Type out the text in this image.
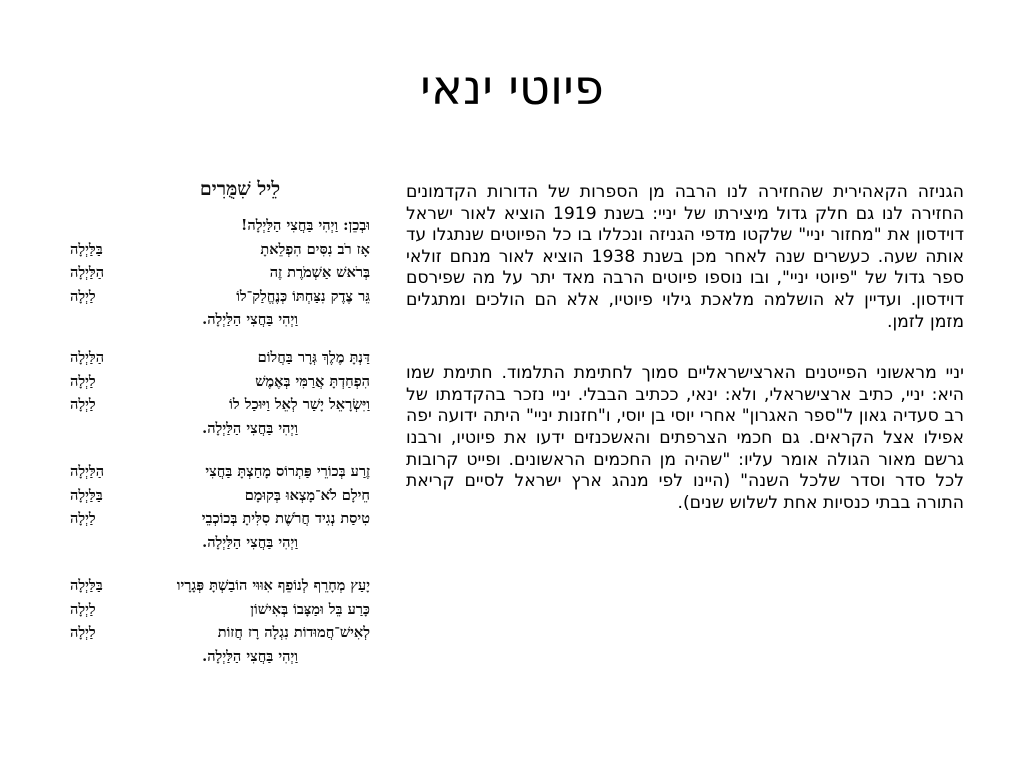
פיוטי ינאי
לֵיל שִׁמֻּרִים
וּבְכֵן: וַיְהִי בַּחֲצִי הַלַּיְלָה!
אָז רֹב נִסִּים הִפְלֵאתָ
בַּלַּיְלָה
בְּרֹאשׁ אַשְׁמֹרֶת זֶה
הַלַּיְלָה
גֵּר צֶדֶק נִצַּחְתּוֹ כְּנֶחֱלַק־לוֹ
לַיְלָה
וַיְהִי בַּחֲצִי הַלַּיְלָה.
דַּנְתָּ מֶלֶךְ גְּרָר בַּחֲלוֹם
הַלַּיְלָה
הִפְחַדְתָּ אֲרַמִּי בְּאֶמֶשׁ
לַיְלָה
וַיִּשְׂרָאֵל יָשַׁר לְאֵל וַיּוּכַל לוֹ
לַיְלָה
וַיְהִי בַּחֲצִי הַלַּיְלָה.
זֶרַע בְּכוֹרֵי פַּתְרוֹס מָחַצְתָּ בַּחֲצִי
הַלַּיְלָה
חֵילָם לֹא־מָצְאוּ בְּקוּמָם
בַּלַּיְלָה
טִיסַת נְגִיד חֲרֹשֶׁת סִלִּיתָ בְּכוֹכְבֵי
לַיְלָה
וַיְהִי בַּחֲצִי הַלַּיְלָה.
יָעַץ מְחָרֵף לְנוֹפֵף אִוּוּי הוֹבַשְׁתָּ פְּגָרָיו
בַּלַּיְלָה
כָּרַע בֵּל וּמַצָּבוֹ בְּאִישׁוֹן
לַיְלָה
לְאִישׁ־חֲמוּדוֹת נִגְלָה רָז חֲזוֹת
לַיְלָה
וַיְהִי בַּחֲצִי הַלַּיְלָה.

הגניזה הקאהירית שהחזירה לנו הרבה מן הספרות של הדורות הקדמונים החזירה לנו גם חלק גדול מיצירתו של יניי: בשנת 1919 הוציא לאור ישראל דוידסון את "מחזור יניי" שלקטו מדפי הגניזה ונכללו בו כל הפיוטים שנתגלו עד אותה שעה. כעשרים שנה לאחר מכן בשנת 1938 הוציא לאור מנחם זולאי ספר גדול של "פיוטי יניי", ובו נוספו פיוטים הרבה מאד יתר על מה שפירסם דוידסון. ועדיין לא הושלמה מלאכת גילוי פיוטיו, אלא הם הולכים ומתגלים מזמן לזמן.

יניי מראשוני הפייטנים הארצישראליים סמוך לחתימת התלמוד. חתימת שמו היא: יניי, כתיב ארצישראלי, ולא: ינאי, ככתיב הבבלי. יניי נזכר בהקדמתו של רב סעדיה גאון ל"ספר האגרון" אחרי יוסי בן יוסי, ו"חזנות יניי" היתה ידועה יפה אפילו אצל הקראים. גם חכמי הצרפתים והאשכנזים ידעו את פיוטיו, ורבנו גרשם מאור הגולה אומר עליו: "שהיה מן החכמים הראשונים. ופייט קרובות לכל סדר וסדר שלכל השנה" (היינו לפי מנהג ארץ ישראל לסיים קריאת התורה בבתי כנסיות אחת לשלוש שנים).
